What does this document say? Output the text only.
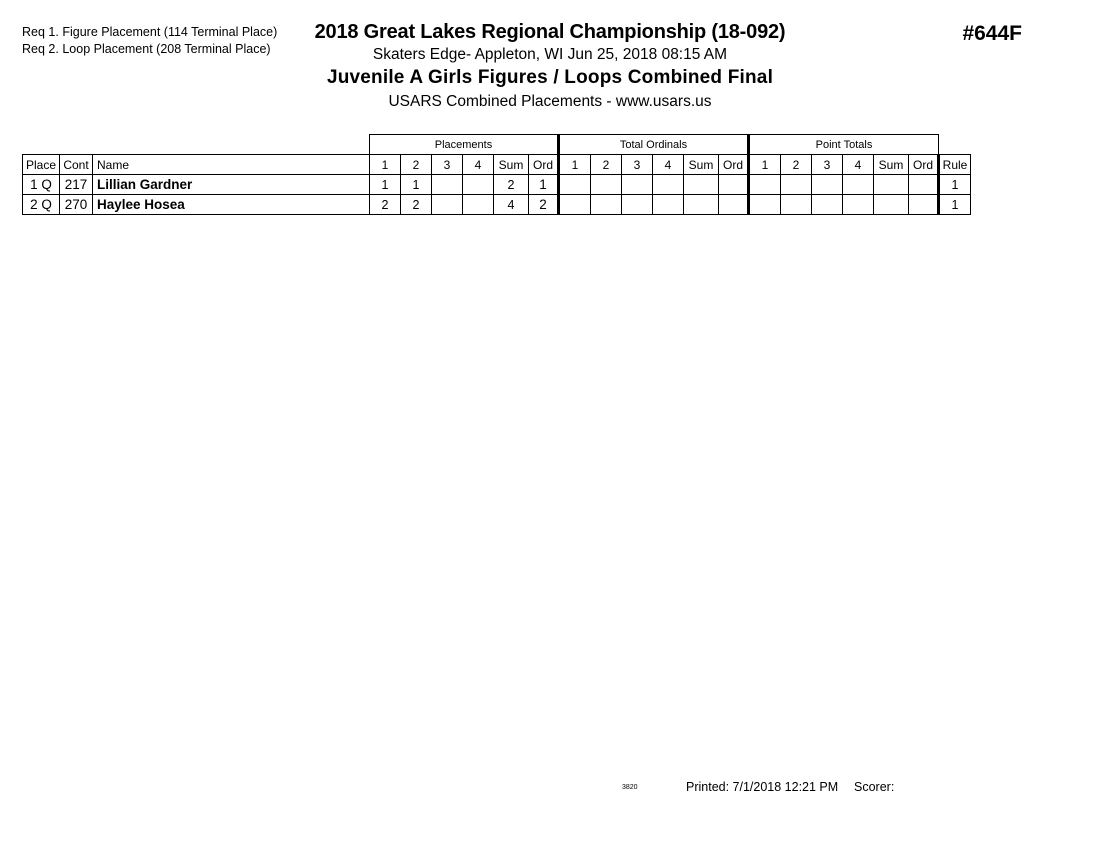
Req 1. Figure Placement (114 Terminal Place)
Req 2. Loop Placement (208 Terminal Place)
2018 Great Lakes Regional Championship (18-092)
Skaters Edge- Appleton, WI Jun 25, 2018 08:15 AM
Juvenile A Girls Figures / Loops Combined Final
USARS Combined Placements - www.usars.us
#644F
			Placements						Total Ordinals						Point Totals						
Place	Cont	Name	1	2	3	4	Sum	Ord	1	2	3	4	Sum	Ord	1	2	3	4	Sum	Ord	Rule
1 Q	217	Lillian Gardner	1	1			2	1													1
2 Q	270	Haylee Hosea	2	2			4	2													1
3820	Printed: 7/1/2018 12:21 PM Scorer:
